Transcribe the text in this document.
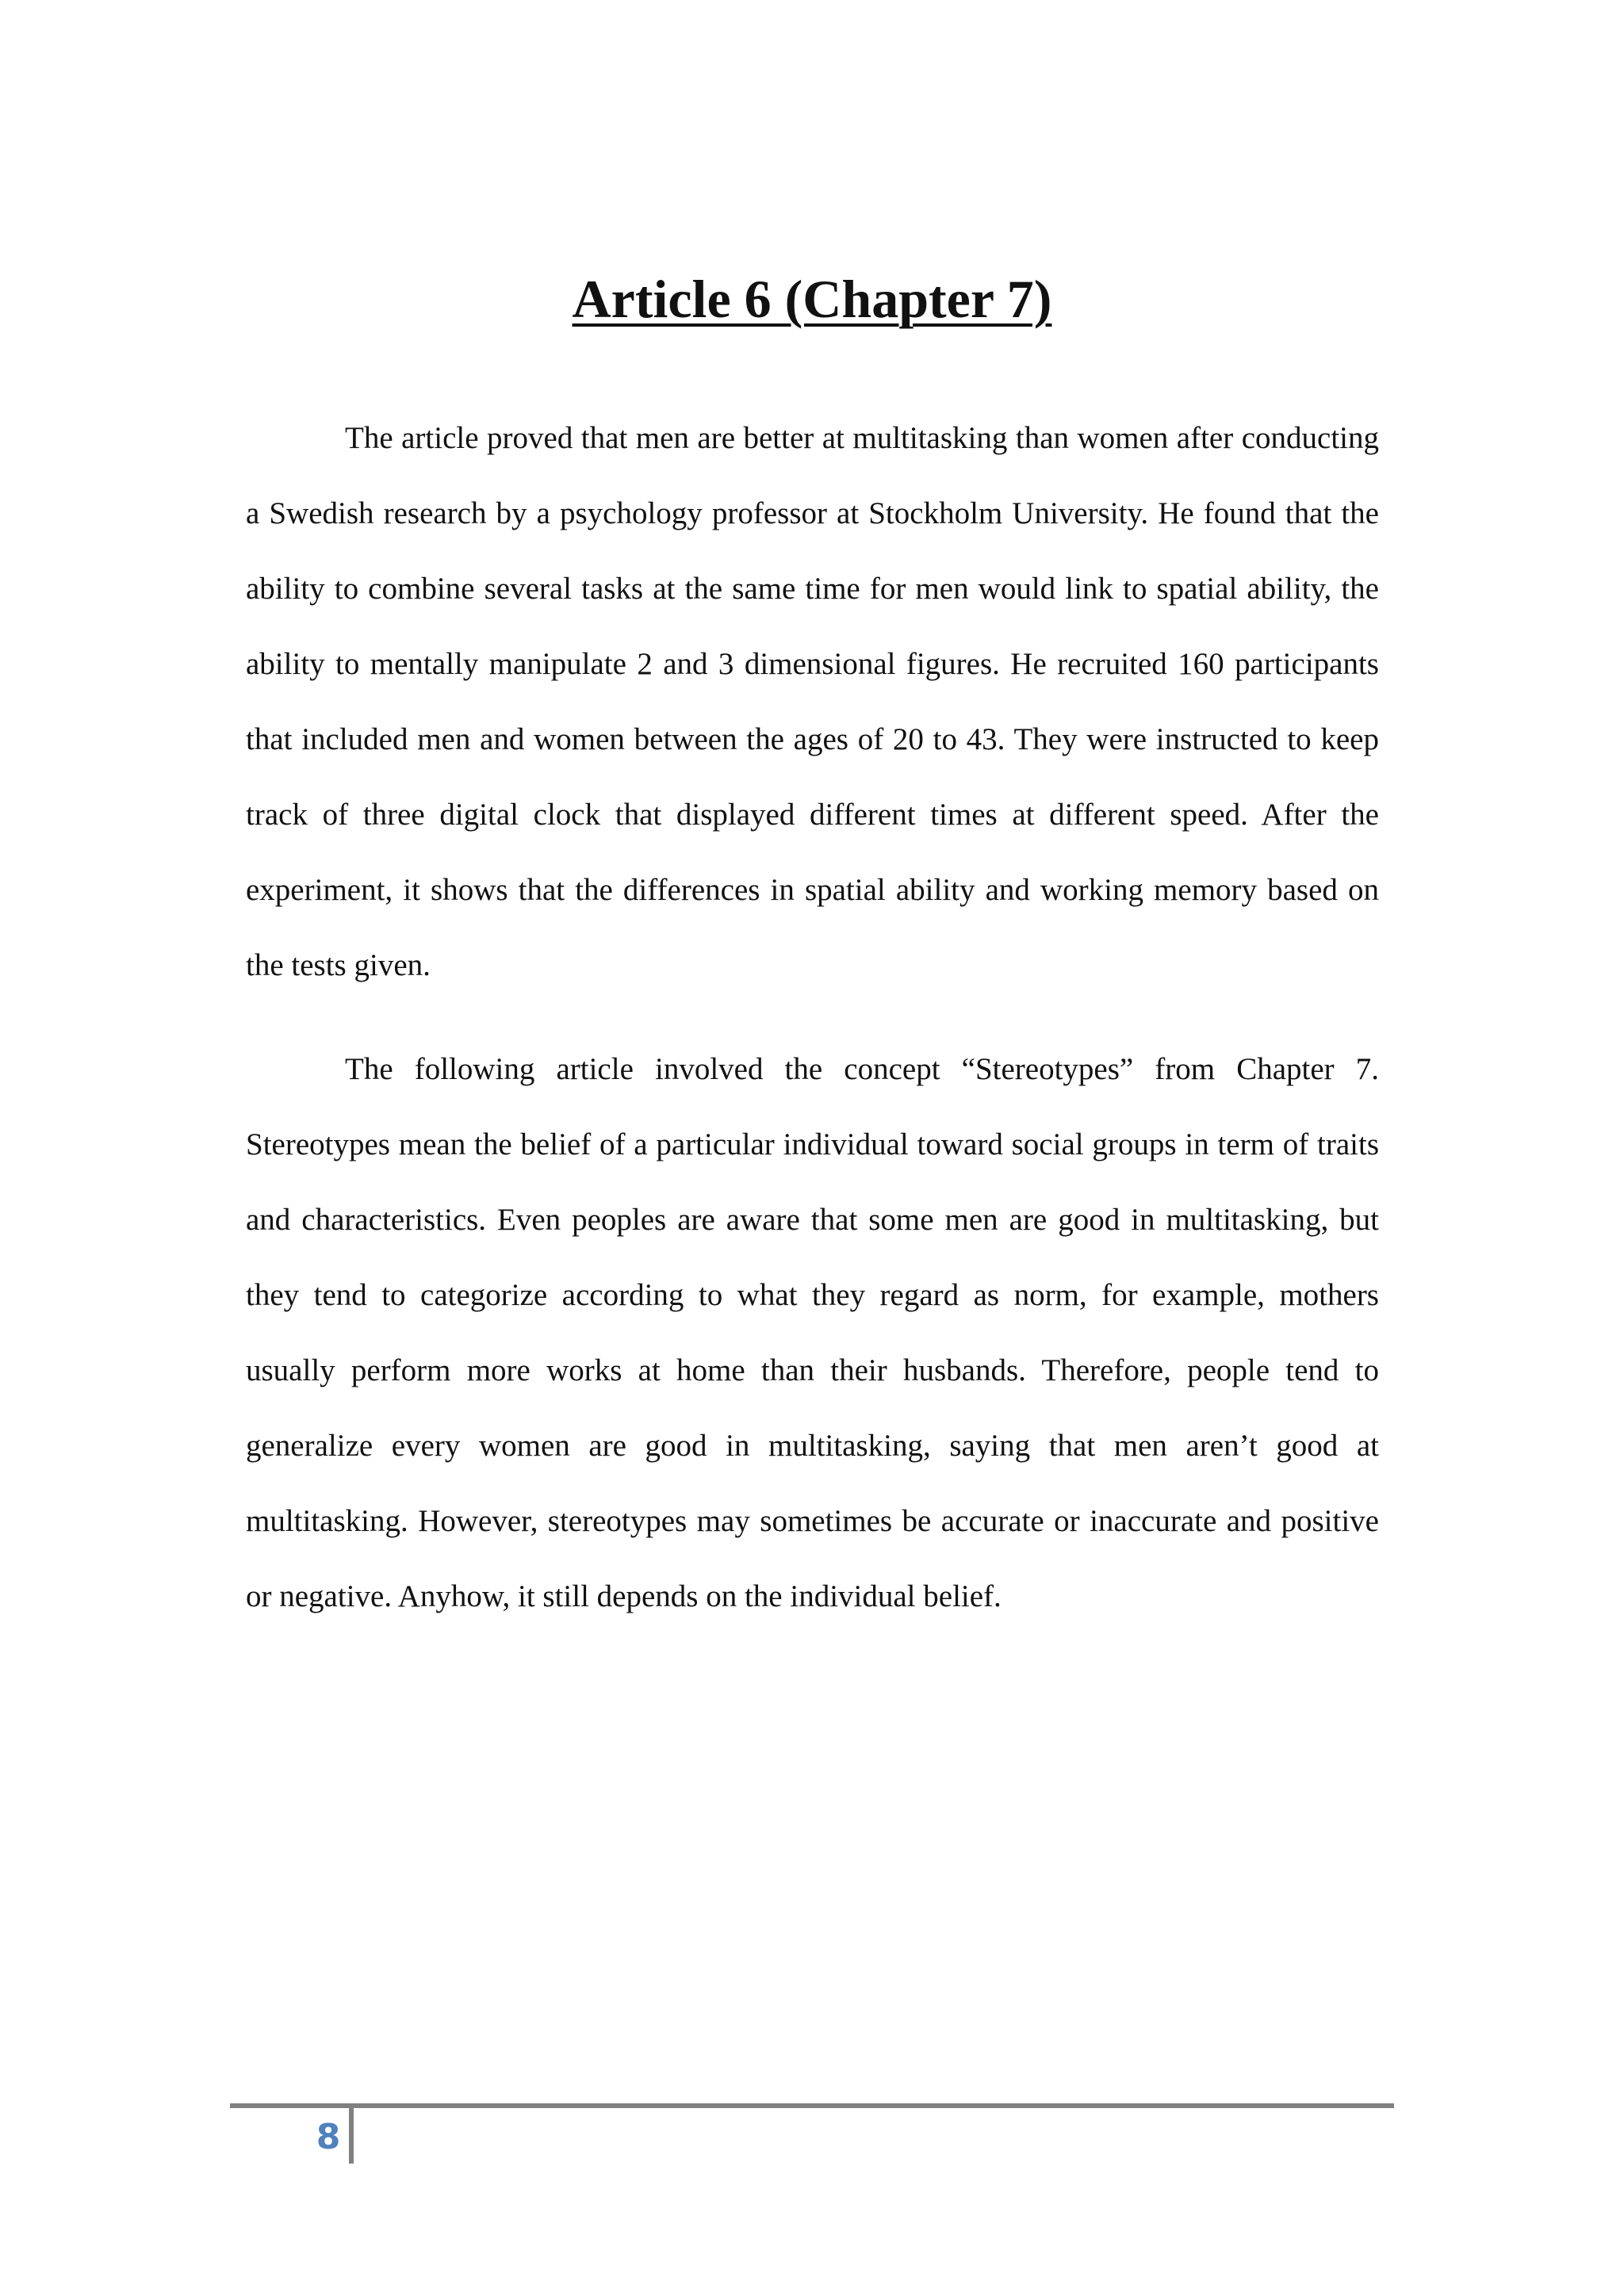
Article 6 (Chapter 7)

The article proved that men are better at multitasking than women after conducting a Swedish research by a psychology professor at Stockholm University. He found that the ability to combine several tasks at the same time for men would link to spatial ability, the ability to mentally manipulate 2 and 3 dimensional figures. He recruited 160 participants that included men and women between the ages of 20 to 43. They were instructed to keep track of three digital clock that displayed different times at different speed. After the experiment, it shows that the differences in spatial ability and working memory based on the tests given.

The following article involved the concept “Stereotypes” from Chapter 7. Stereotypes mean the belief of a particular individual toward social groups in term of traits and characteristics. Even peoples are aware that some men are good in multitasking, but they tend to categorize according to what they regard as norm, for example, mothers usually perform more works at home than their husbands. Therefore, people tend to generalize every women are good in multitasking, saying that men aren’t good at multitasking. However, stereotypes may sometimes be accurate or inaccurate and positive or negative. Anyhow, it still depends on the individual belief.

8
